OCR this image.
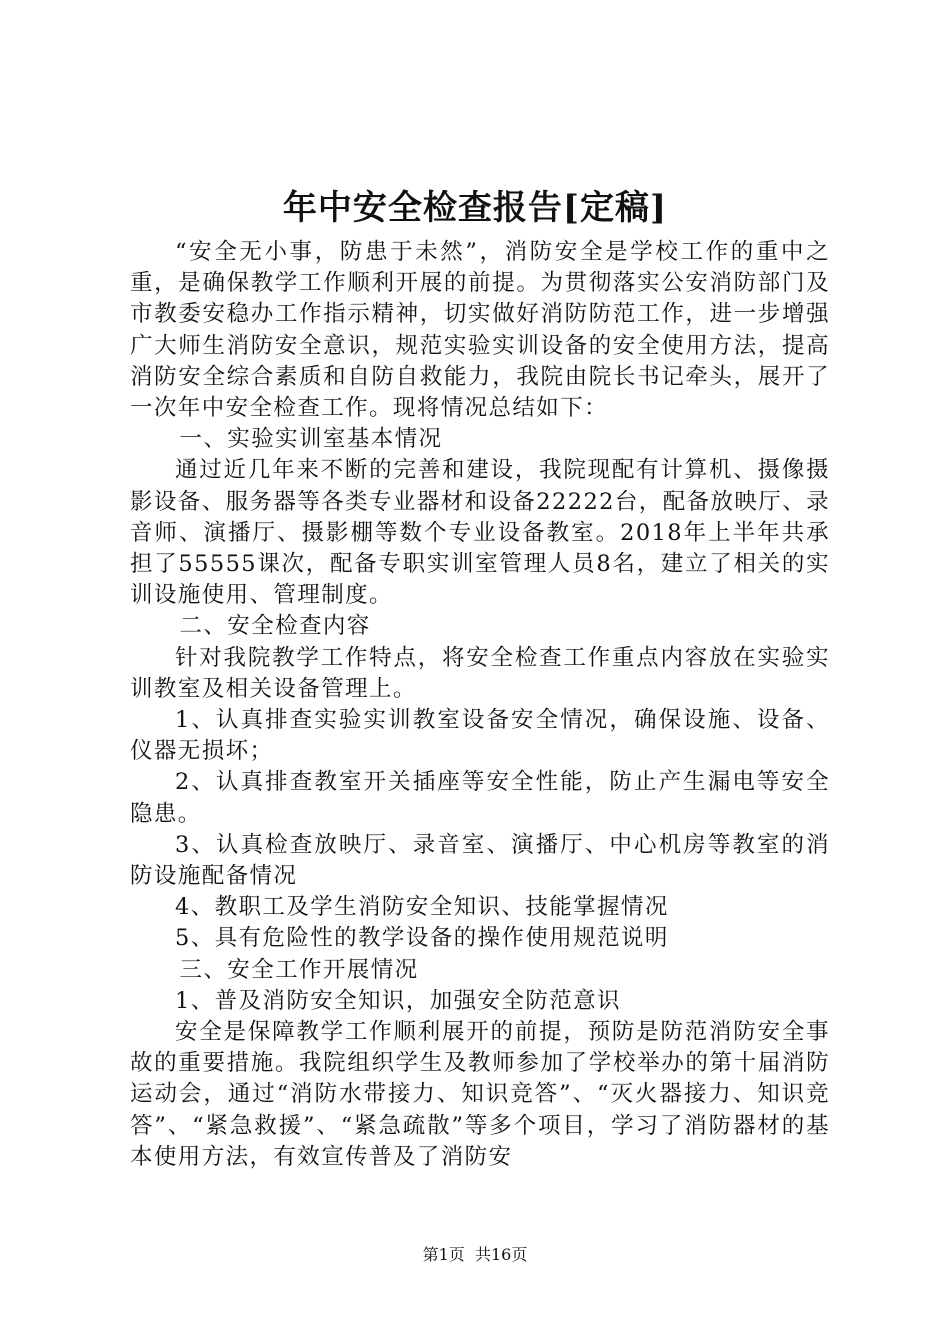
年中安全检查报告[定稿]

“安全无小事，防患于未然”，消防安全是学校工作的重中之重，是确保教学工作顺利开展的前提。为贯彻落实公安消防部门及市教委安稳办工作指示精神，切实做好消防防范工作，进一步增强广大师生消防安全意识，规范实验实训设备的安全使用方法，提高消防安全综合素质和自防自救能力，我院由院长书记牵头，展开了一次年中安全检查工作。现将情况总结如下：

一、实验实训室基本情况

通过近几年来不断的完善和建设，我院现配有计算机、摄像摄影设备、服务器等各类专业器材和设备22222台，配备放映厅、录音师、演播厅、摄影棚等数个专业设备教室。2018年上半年共承担了55555课次，配备专职实训室管理人员8名，建立了相关的实训设施使用、管理制度。

二、安全检查内容

针对我院教学工作特点，将安全检查工作重点内容放在实验实训教室及相关设备管理上。

1、认真排查实验实训教室设备安全情况，确保设施、设备、仪器无损坏；

2、认真排查教室开关插座等安全性能，防止产生漏电等安全隐患。

3、认真检查放映厅、录音室、演播厅、中心机房等教室的消防设施配备情况

4、教职工及学生消防安全知识、技能掌握情况

5、具有危险性的教学设备的操作使用规范说明

三、安全工作开展情况

1、普及消防安全知识，加强安全防范意识

安全是保障教学工作顺利展开的前提，预防是防范消防安全事故的重要措施。我院组织学生及教师参加了学校举办的第十届消防运动会，通过“消防水带接力、知识竞答”、“灭火器接力、知识竞答”、“紧急救援”、“紧急疏散”等多个项目，学习了消防器材的基本使用方法，有效宣传普及了消防安

第1页 共16页
